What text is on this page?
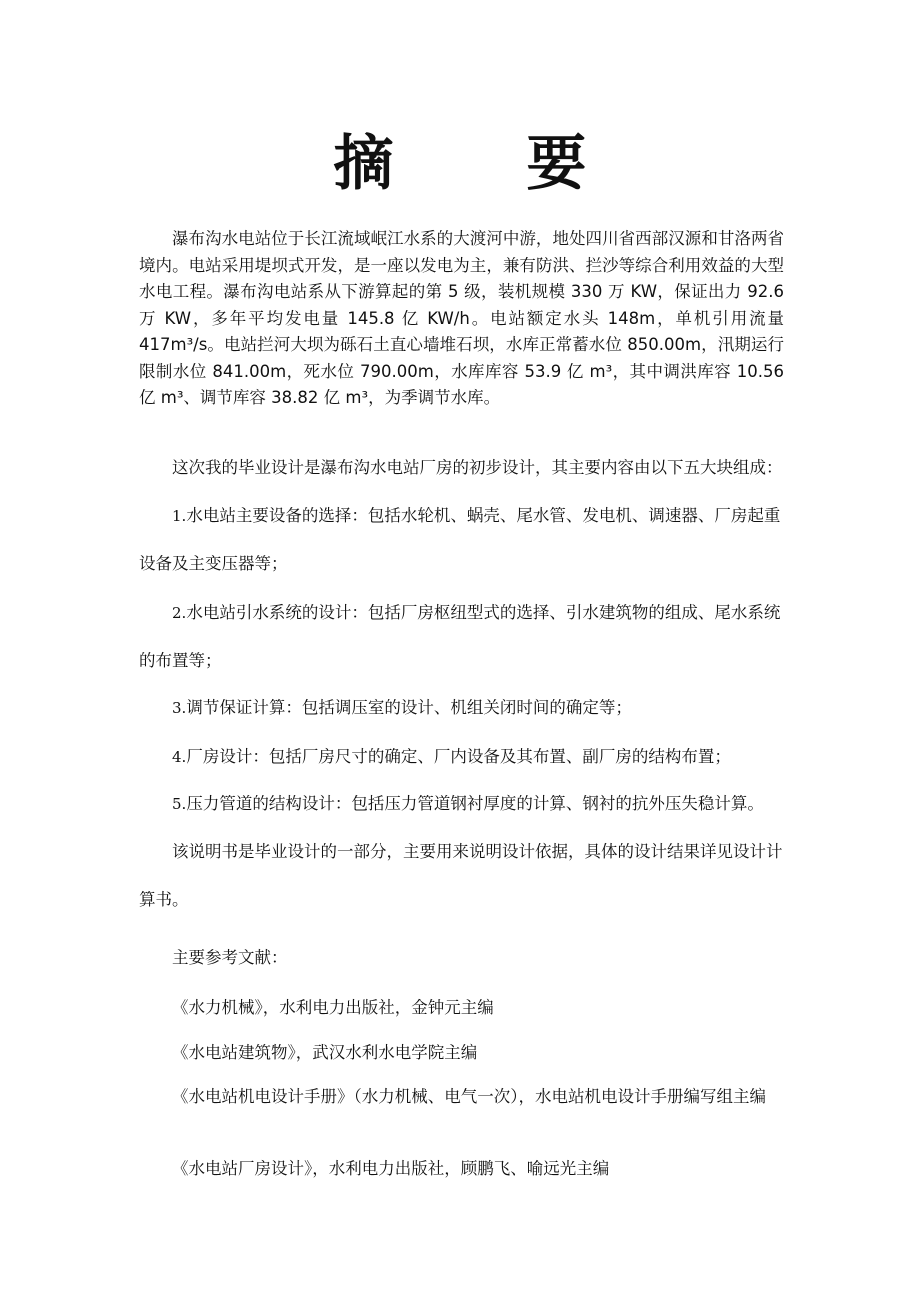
摘 要

瀑布沟水电站位于长江流域岷江水系的大渡河中游，地处四川省西部汉源和甘洛两省境内。电站采用堤坝式开发，是一座以发电为主，兼有防洪、拦沙等综合利用效益的大型水电工程。瀑布沟电站系从下游算起的第 5 级，装机规模 330 万 KW，保证出力 92.6 万 KW，多年平均发电量 145.8 亿 KW/h。电站额定水头 148m，单机引用流量 417m³/s。电站拦河大坝为砾石土直心墙堆石坝，水库正常蓄水位 850.00m，汛期运行限制水位 841.00m，死水位 790.00m，水库库容 53.9 亿 m³，其中调洪库容 10.56 亿 m³、调节库容 38.82 亿 m³，为季调节水库。

这次我的毕业设计是瀑布沟水电站厂房的初步设计，其主要内容由以下五大块组成：

1.水电站主要设备的选择：包括水轮机、蜗壳、尾水管、发电机、调速器、厂房起重设备及主变压器等；

2.水电站引水系统的设计：包括厂房枢纽型式的选择、引水建筑物的组成、尾水系统的布置等；

3.调节保证计算：包括调压室的设计、机组关闭时间的确定等；

4.厂房设计：包括厂房尺寸的确定、厂内设备及其布置、副厂房的结构布置；

5.压力管道的结构设计：包括压力管道钢衬厚度的计算、钢衬的抗外压失稳计算。

该说明书是毕业设计的一部分，主要用来说明设计依据，具体的设计结果详见设计计算书。

主要参考文献：

《水力机械》，水利电力出版社，金钟元主编

《水电站建筑物》，武汉水利水电学院主编

《水电站机电设计手册》（水力机械、电气一次），水电站机电设计手册编写组主编

《水电站厂房设计》，水利电力出版社，顾鹏飞、喻远光主编
